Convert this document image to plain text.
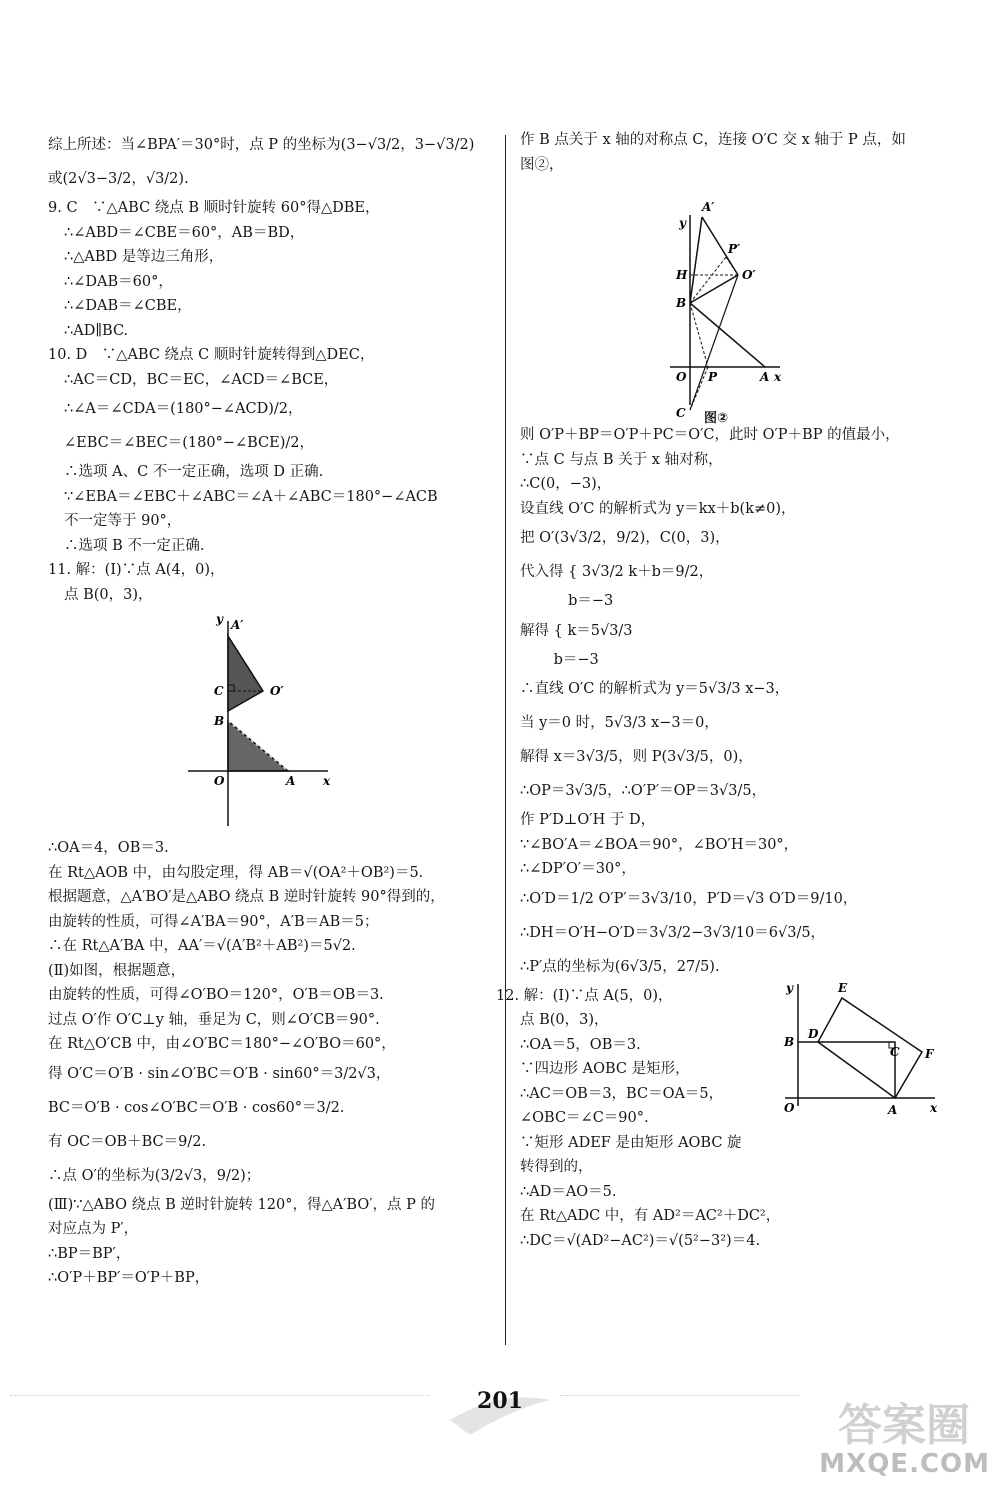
综上所述：当∠BPA′＝30°时，点 P 的坐标为(3−√3/2，3−√3/2)
或(2√3−3/2，√3/2).
9. C　∵△ABC 绕点 B 顺时针旋转 60°得△DBE，
∴∠ABD＝∠CBE＝60°，AB＝BD，
∴△ABD 是等边三角形，
∴∠DAB＝60°，
∴∠DAB＝∠CBE，
∴AD∥BC.
10. D　∵△ABC 绕点 C 顺时针旋转得到△DEC，
∴AC＝CD，BC＝EC，∠ACD＝∠BCE，
∴∠A＝∠CDA＝(180°−∠ACD)/2，
∠EBC＝∠BEC＝(180°−∠BCE)/2，
∴选项 A、C 不一定正确，选项 D 正确.
∵∠EBA＝∠EBC＋∠ABC＝∠A＋∠ABC＝180°−∠ACB
不一定等于 90°，
∴选项 B 不一定正确.
11. 解：(Ⅰ)∵点 A(4，0)，
点 B(0，3)，
y A′
O′
C
B
O	A x
∴OA＝4，OB＝3.
在 Rt△AOB 中，由勾股定理，得 AB＝√(OA²＋OB²)＝5.
根据题意，△A′BO′是△ABO 绕点 B 逆时针旋转 90°得到的，
由旋转的性质，可得∠A′BA＝90°，A′B＝AB＝5；
∴在 Rt△A′BA 中，AA′＝√(A′B²＋AB²)＝5√2.
(Ⅱ)如图，根据题意，
由旋转的性质，可得∠O′BO＝120°，O′B＝OB＝3.
过点 O′作 O′C⊥y 轴，垂足为 C，则∠O′CB＝90°.
在 Rt△O′CB 中，由∠O′BC＝180°−∠O′BO＝60°，
得 O′C＝O′B · sin∠O′BC＝O′B · sin60°＝3/2√3，
BC＝O′B · cos∠O′BC＝O′B · cos60°＝3/2.
有 OC＝OB＋BC＝9/2.
∴点 O′的坐标为(3/2√3，9/2)；
(Ⅲ)∵△ABO 绕点 B 逆时针旋转 120°，得△A′BO′，点 P 的
对应点为 P′，
∴BP＝BP′，
∴O′P＋BP′＝O′P＋BP，
作 B 点关于 x 轴的对称点 C，连接 O′C 交 x 轴于 P 点，如
图②，
A′
y
P′
H	O′
B
O P	A x
C 图②
则 O′P＋BP＝O′P＋PC＝O′C，此时 O′P＋BP 的值最小，
∵点 C 与点 B 关于 x 轴对称，
∴C(0，−3)，
设直线 O′C 的解析式为 y＝kx＋b(k≠0)，
把 O′(3√3/2，9/2)，C(0，3)，
代入得 { 3√3/2 k＋b＝9/2，
　　　 b＝−3
解得 { k＝5√3/3
　　 b＝−3
∴直线 O′C 的解析式为 y＝5√3/3 x−3，
当 y＝0 时，5√3/3 x−3＝0，
解得 x＝3√3/5，则 P(3√3/5，0)，
∴OP＝3√3/5，∴O′P′＝OP＝3√3/5，
作 P′D⊥O′H 于 D，
∵∠BO′A＝∠BOA＝90°，∠BO′H＝30°，
∴∠DP′O′＝30°，
∴O′D＝1/2 O′P′＝3√3/10，P′D＝√3 O′D＝9/10，
∴DH＝O′H−O′D＝3√3/2−3√3/10＝6√3/5，
∴P′点的坐标为(6√3/5，27/5).
12. 解：(Ⅰ)∵点 A(5，0)，
点 B(0，3)，
∴OA＝5，OB＝3.
∵四边形 AOBC 是矩形，
∴AC＝OB＝3，BC＝OA＝5，
∠OBC＝∠C＝90°.
∵矩形 ADEF 是由矩形 AOBC 旋
转得到的，
∴AD＝AO＝5.
在 Rt△ADC 中，有 AD²＝AC²＋DC²，
∴DC＝√(AD²−AC²)＝√(5²−3²)＝4.
y	E
B
D
C F
O	A	x
201	答案圈
MXQE.COM
